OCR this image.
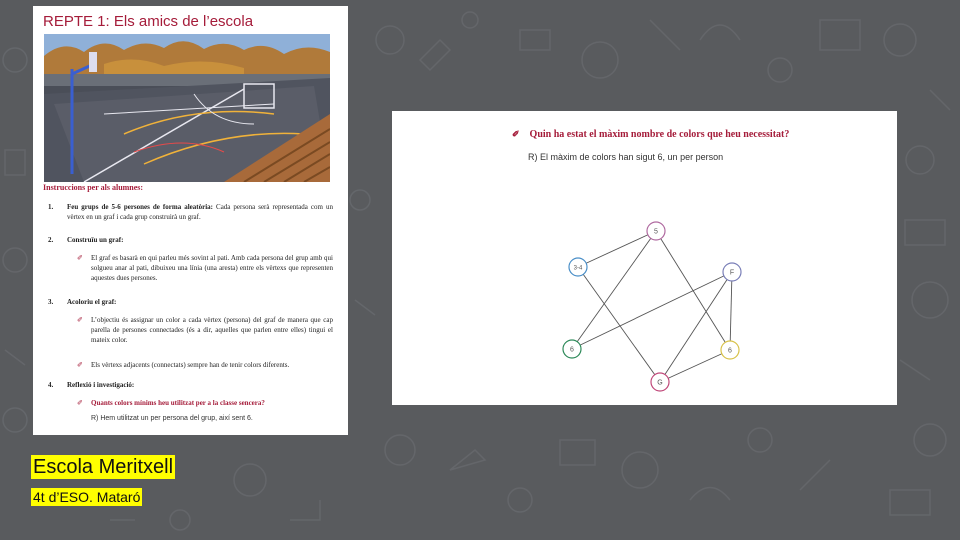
REPTE 1: Els amics de l’escola
Instruccions per als alumnes:
1. Feu grups de 5-6 persones de forma aleatòria: Cada persona serà representada com un vèrtex en un graf i cada grup construirà un graf.
2. Construïu un graf:
✐ El graf es basarà en qui parleu més sovint al pati. Amb cada persona del grup amb qui solgueu anar al pati, dibuixeu una línia (una aresta) entre els vèrtexs que representen aquestes dues persones.
3. Acoloriu el graf:
✐ L’objectiu és assignar un color a cada vèrtex (persona) del graf de manera que cap parella de persones connectades (és a dir, aquelles que parlen entre elles) tingui el mateix color.
✐ Els vèrtexs adjacents (connectats) sempre han de tenir colors diferents.
4. Reflexió i investigació:
✐ Quants colors mínims heu utilitzat per a la classe sencera?
R) Hem utilitzat un per persona del grup, així sent 6.
✐ Quin ha estat el màxim nombre de colors que heu necessitat?
R) El màxim de colors han sigut 6, un per person
5
3-4
F
6	6
G
Escola Meritxell
4t d’ESO. Mataró
